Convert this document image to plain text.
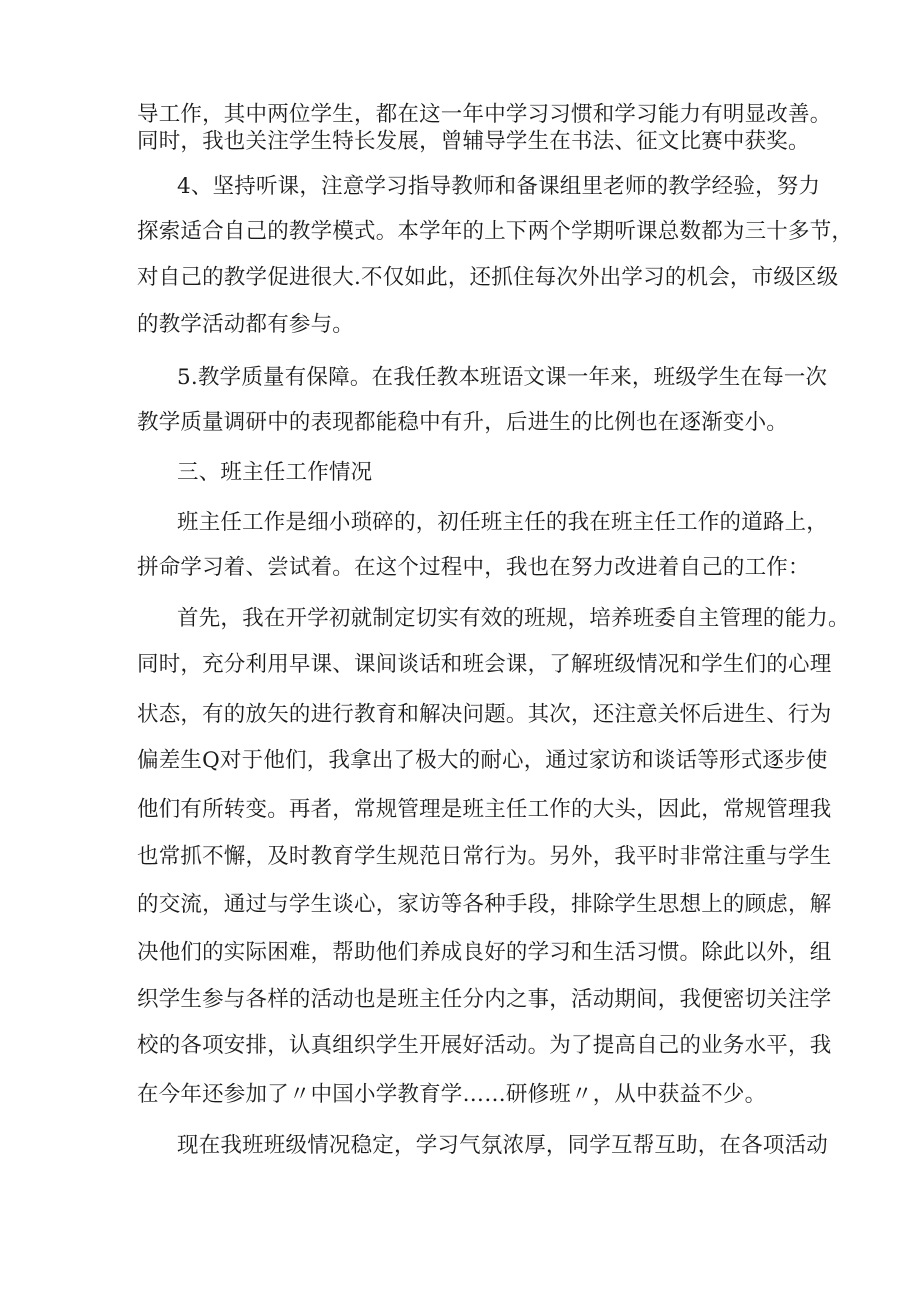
导工作，其中两位学生，都在这一年中学习习惯和学习能力有明显改善。
同时，我也关注学生特长发展，曾辅导学生在书法、征文比赛中获奖。
4、坚持听课，注意学习指导教师和备课组里老师的教学经验，努力
探索适合自己的教学模式。本学年的上下两个学期听课总数都为三十多节，
对自己的教学促进很大.不仅如此，还抓住每次外出学习的机会，市级区级
的教学活动都有参与。
5.教学质量有保障。在我任教本班语文课一年来，班级学生在每一次
教学质量调研中的表现都能稳中有升，后进生的比例也在逐渐变小。
三、班主任工作情况
班主任工作是细小琐碎的，初任班主任的我在班主任工作的道路上，
拼命学习着、尝试着。在这个过程中，我也在努力改进着自己的工作：
首先，我在开学初就制定切实有效的班规，培养班委自主管理的能力。
同时，充分利用早课、课间谈话和班会课，了解班级情况和学生们的心理
状态，有的放矢的进行教育和解决问题。其次，还注意关怀后进生、行为
偏差生Q对于他们，我拿出了极大的耐心，通过家访和谈话等形式逐步使
他们有所转变。再者，常规管理是班主任工作的大头，因此，常规管理我
也常抓不懈，及时教育学生规范日常行为。另外，我平时非常注重与学生
的交流，通过与学生谈心，家访等各种手段，排除学生思想上的顾虑，解
决他们的实际困难，帮助他们养成良好的学习和生活习惯。除此以外，组
织学生参与各样的活动也是班主任分内之事，活动期间，我便密切关注学
校的各项安排，认真组织学生开展好活动。为了提高自己的业务水平，我
在今年还参加了〃中国小学教育学……研修班〃，从中获益不少。
现在我班班级情况稳定，学习气氛浓厚，同学互帮互助，在各项活动
